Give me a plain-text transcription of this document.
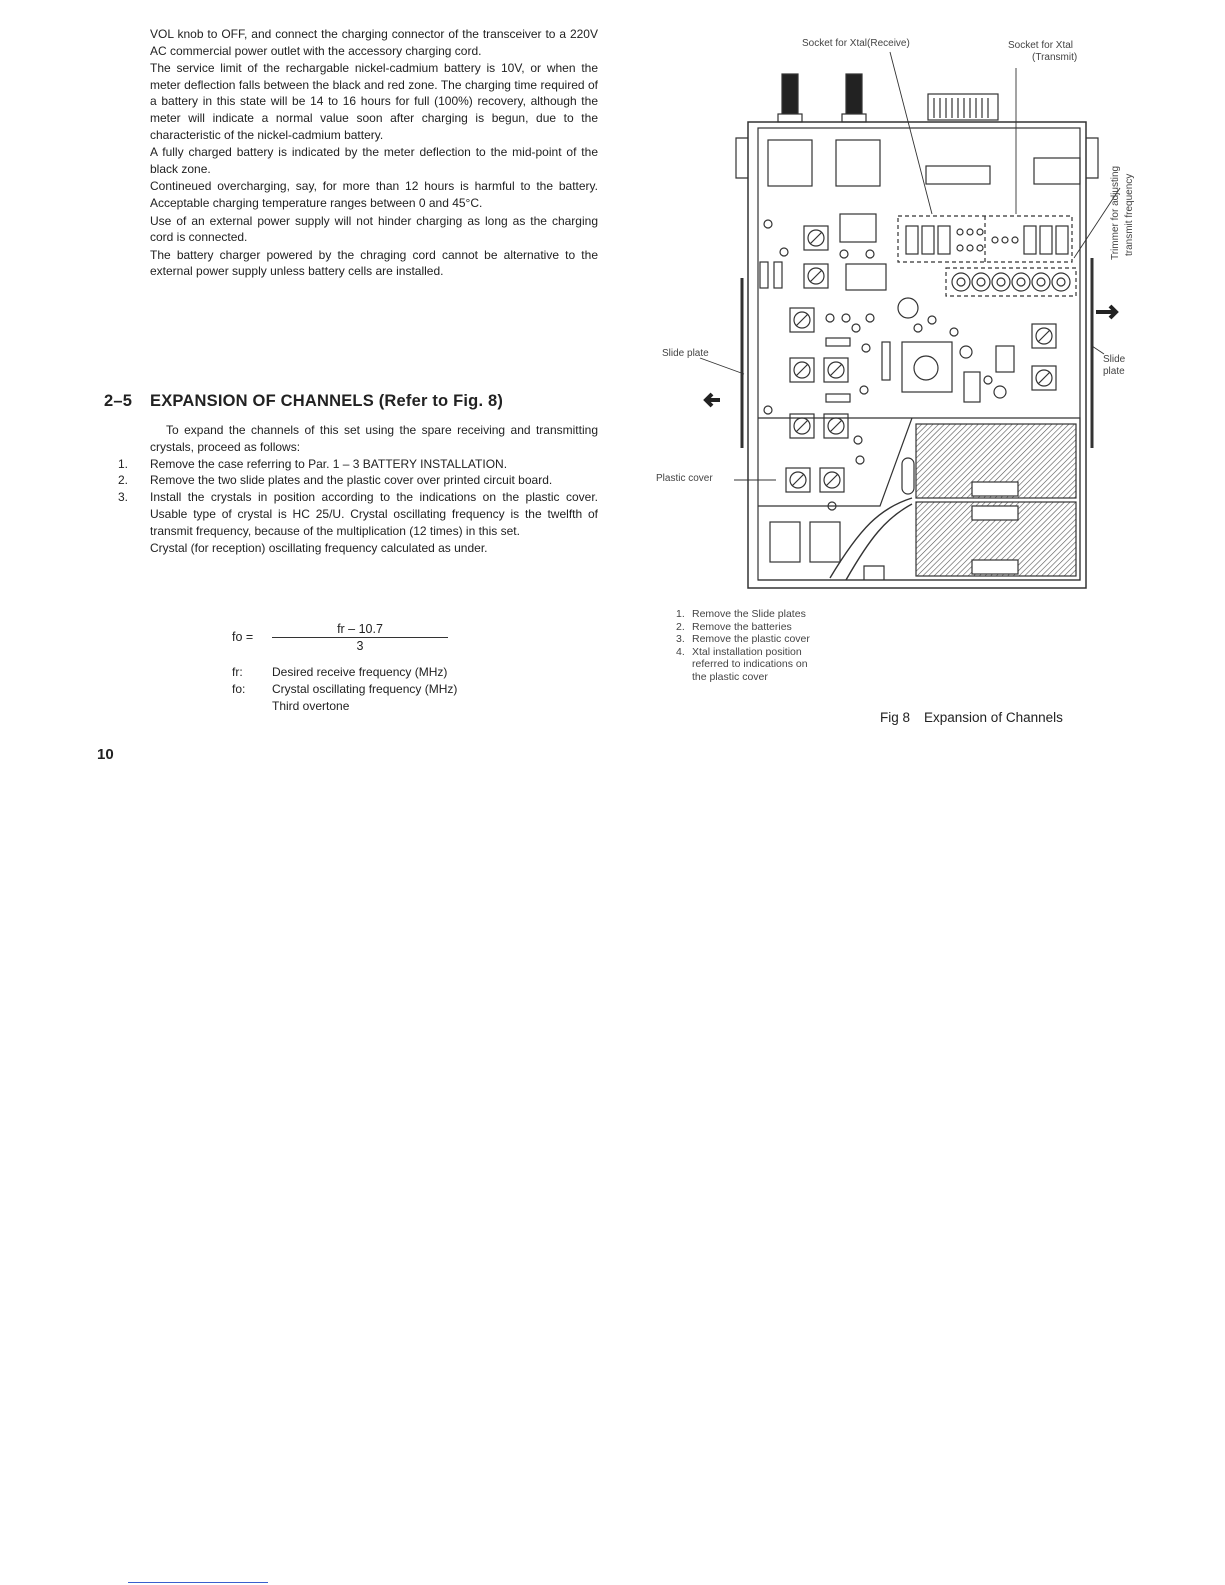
VOL knob to OFF, and connect the charging connector of the transceiver to a 220V AC commercial power outlet with the accessory charging cord.

The service limit of the rechargable nickel-cadmium battery is 10V, or when the meter deflection falls between the black and red zone. The charging time required of a battery in this state will be 14 to 16 hours for full (100%) recovery, although the meter will indicate a normal value soon after charging is begun, due to the characteristic of the nickel-cadmium battery.

A fully charged battery is indicated by the meter deflection to the mid-point of the black zone.

Contineued overcharging, say, for more than 12 hours is harmful to the battery. Acceptable charging temperature ranges between 0 and 45°C.

Use of an external power supply will not hinder charging as long as the charging cord is connected.

The battery charger powered by the chraging cord cannot be alternative to the external power supply unless battery cells are installed.

2–5 EXPANSION OF CHANNELS (Refer to Fig. 8)

To expand the channels of this set using the spare receiving and transmitting crystals, proceed as follows:

1.	Remove the case referring to Par. 1 – 3 BATTERY INSTALLATION.
2.	Remove the two slide plates and the plastic cover over printed circuit board.
3.	Install the crystals in position according to the indications on the plastic cover. Usable type of crystal is HC 25/U. Crystal oscillating frequency is the twelfth of transmit frequency, because of the multiplication (12 times) in this set.

Crystal (for reception) oscillating frequency calculated as under.

fo = $\frac{fr - 10.7}{3}$
fr:	Desired receive frequency (MHz)
fo:	Crystal oscillating frequency (MHz)
Third overtone
10
Socket for Xtal(Receive)	Socket for Xtal
(Transmit)
Trimmer for adjusting transmit frequency
Slide plate
Slide
plate
Plastic cover
1. Remove the Slide plates
2. Remove the batteries
3. Remove the plastic cover
4. Xtal installation position
referred to indications on
the plastic cover
Fig 8 Expansion of Channels
